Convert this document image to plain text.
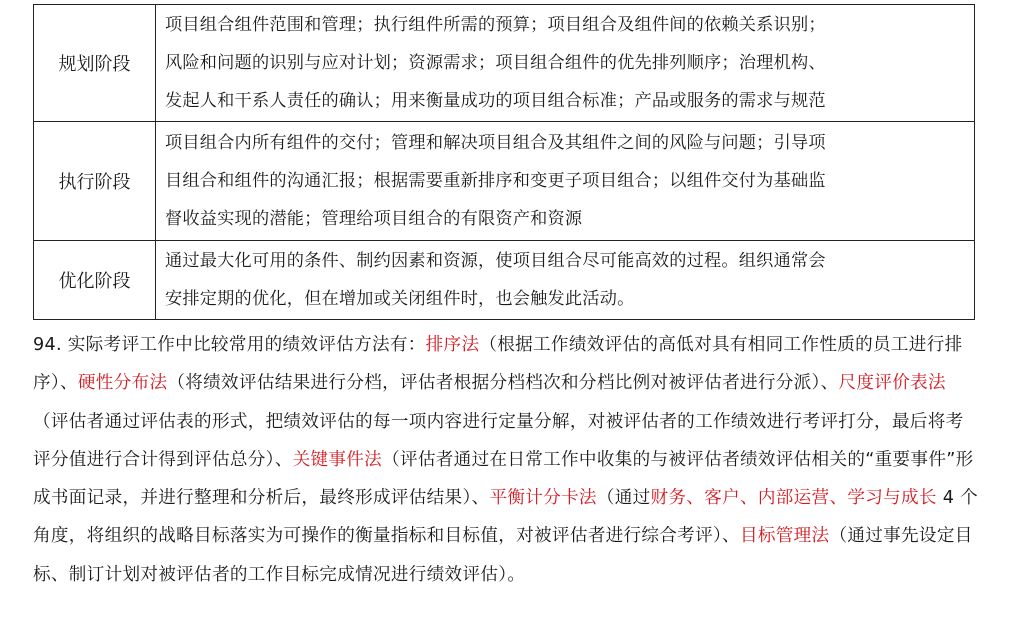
规划阶段	项目组合组件范围和管理；执行组件所需的预算；项目组合及组件间的依赖关系识别；
风险和问题的识别与应对计划；资源需求；项目组合组件的优先排列顺序；治理机构、
发起人和干系人责任的确认；用来衡量成功的项目组合标准；产品或服务的需求与规范

执行阶段	项目组合内所有组件的交付；管理和解决项目组合及其组件之间的风险与问题；引导项
目组合和组件的沟通汇报；根据需要重新排序和变更子项目组合；以组件交付为基础监
督收益实现的潜能；管理给项目组合的有限资产和资源

优化阶段	通过最大化可用的条件、制约因素和资源，使项目组合尽可能高效的过程。组织通常会
安排定期的优化，但在增加或关闭组件时，也会触发此活动。
94. 实际考评工作中比较常用的绩效评估方法有：排序法（根据工作绩效评估的高低对具有相同工作性质的员工进行排序）、硬性分布法（将绩效评估结果进行分档，评估者根据分档档次和分档比例对被评估者进行分派）、尺度评价表法（评估者通过评估表的形式，把绩效评估的每一项内容进行定量分解，对被评估者的工作绩效进行考评打分，最后将考评分值进行合计得到评估总分）、关键事件法（评估者通过在日常工作中收集的与被评估者绩效评估相关的“重要事件”形成书面记录，并进行整理和分析后，最终形成评估结果）、平衡计分卡法（通过财务、客户、内部运营、学习与成长 4 个角度，将组织的战略目标落实为可操作的衡量指标和目标值，对被评估者进行综合考评）、目标管理法（通过事先设定目标、制订计划对被评估者的工作目标完成情况进行绩效评估）。
